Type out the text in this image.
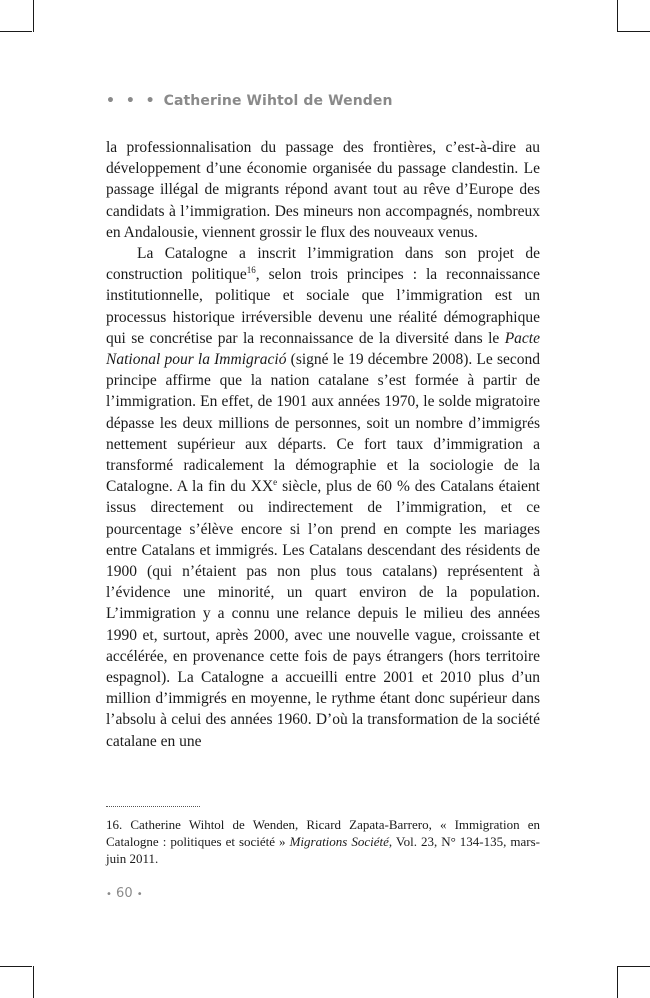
• • • Catherine Wihtol de Wenden

la professionnalisation du passage des frontières, c’est-à-dire au développement d’une économie organisée du passage clandestin. Le passage illégal de migrants répond avant tout au rêve d’Europe des candidats à l’immigration. Des mineurs non accompagnés, nombreux en Andalousie, viennent grossir le flux des nouveaux venus.

La Catalogne a inscrit l’immigration dans son projet de construction politique$^{16}$, selon trois principes : la reconnaissance institutionnelle, politique et sociale que l’immigration est un processus historique irréversible devenu une réalité démographique qui se concrétise par la reconnaissance de la diversité dans le Pacte National pour la Immigració (signé le 19 décembre 2008). Le second principe affirme que la nation catalane s’est formée à partir de l’immigration. En effet, de 1901 aux années 1970, le solde migratoire dépasse les deux millions de personnes, soit un nombre d’immigrés nettement supérieur aux départs. Ce fort taux d’immigration a transformé radicalement la démographie et la sociologie de la Catalogne. A la fin du XXe siècle, plus de 60 % des Catalans étaient issus directement ou indirectement de l’immigration, et ce pourcentage s’élève encore si l’on prend en compte les mariages entre Catalans et immigrés. Les Catalans descendant des résidents de 1900 (qui n’étaient pas non plus tous catalans) représentent à l’évidence une minorité, un quart environ de la population. L’immigration y a connu une relance depuis le milieu des années 1990 et, surtout, après 2000, avec une nouvelle vague, croissante et accélérée, en provenance cette fois de pays étrangers (hors territoire espagnol). La Catalogne a accueilli entre 2001 et 2010 plus d’un million d’immigrés en moyenne, le rythme étant donc supérieur dans l’absolu à celui des années 1960. D’où la transformation de la société catalane en une

16. Catherine Wihtol de Wenden, Ricard Zapata-Barrero, « Immigration en Catalogne : politiques et société » Migrations Société, Vol. 23, N° 134-135, mars-juin 2011.
• 60 •
